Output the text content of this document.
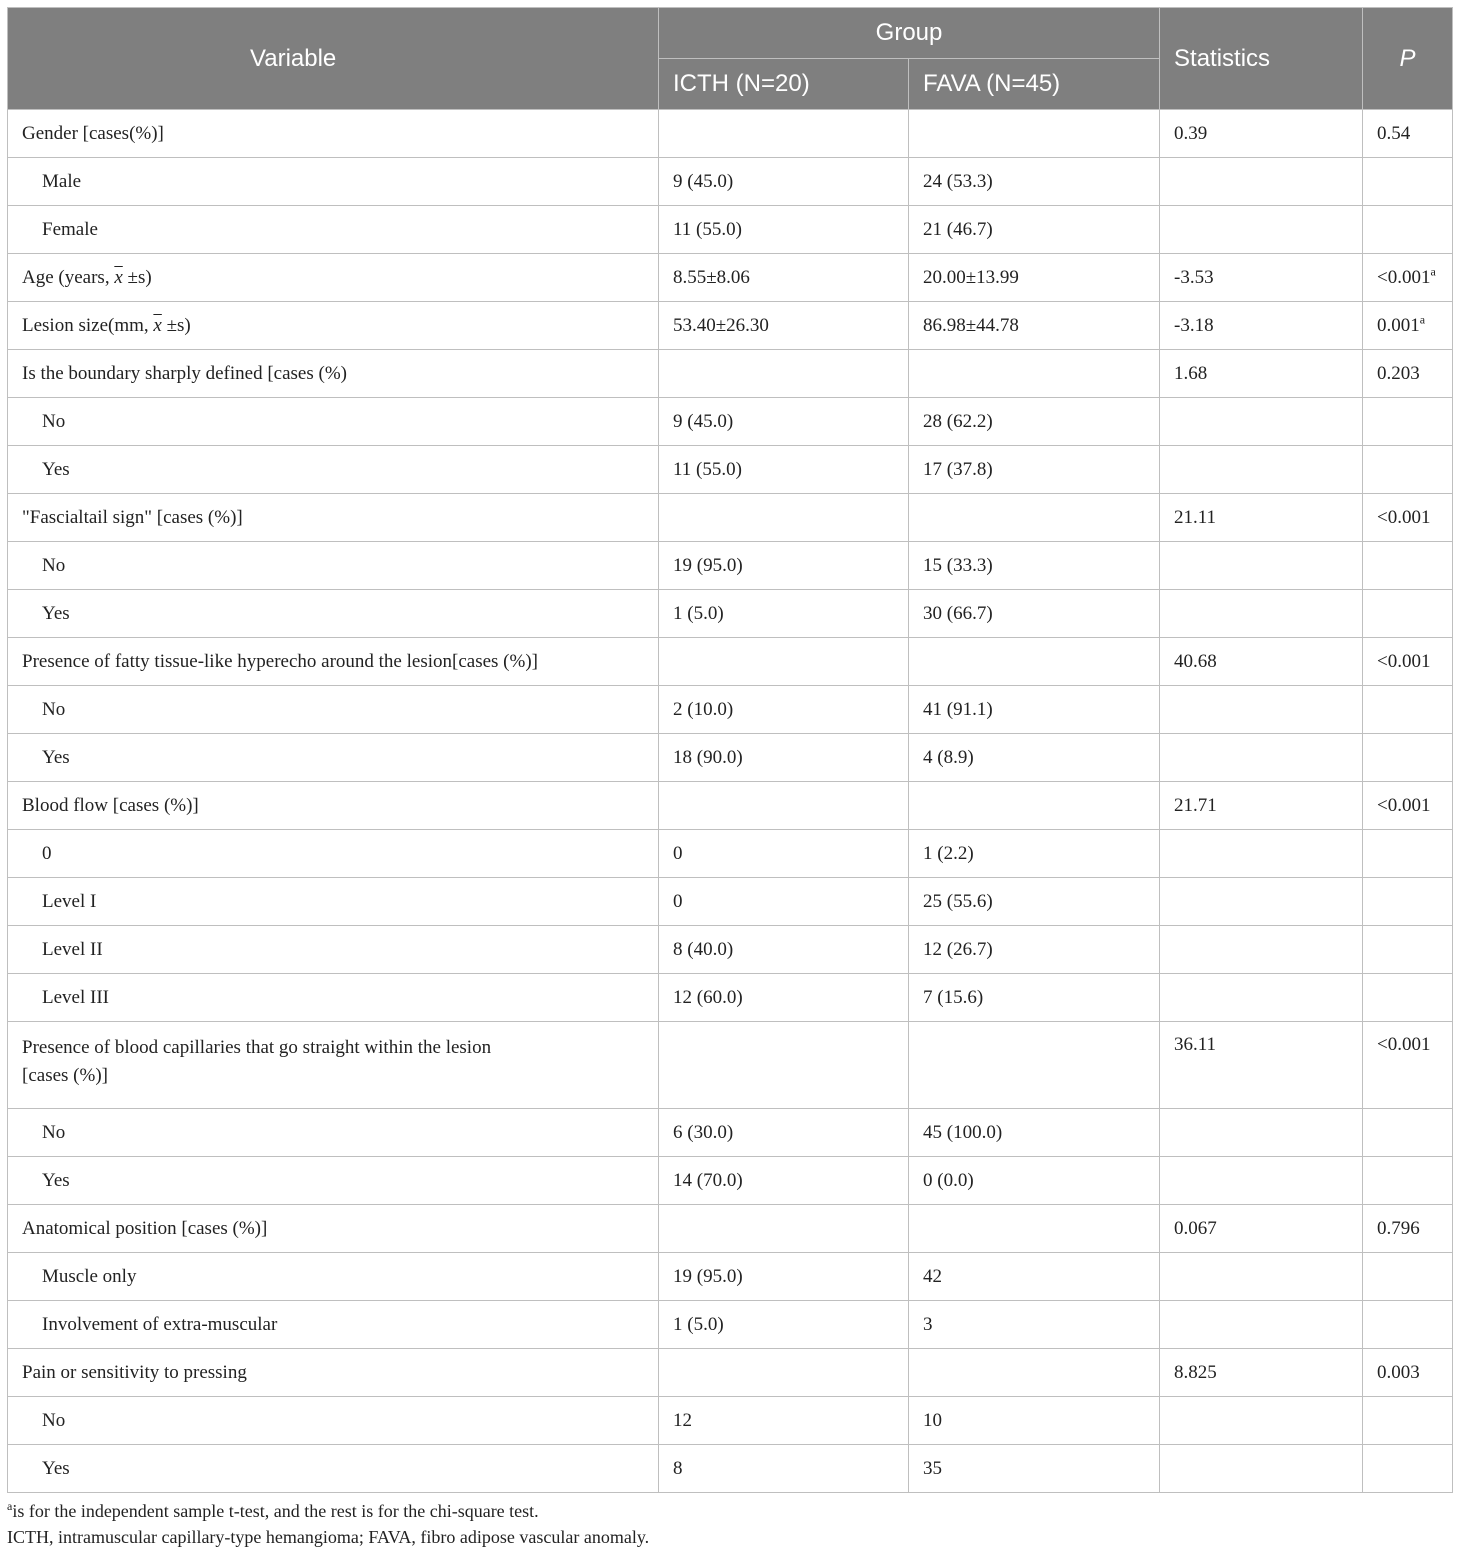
Variable	Group		Statistics	P
	ICTH (N=20)	FAVA (N=45)		
Gender [cases(%)]			0.39	0.54
Male	9 (45.0)	24 (53.3)		
Female	11 (55.0)	21 (46.7)		
Age (years, $\overline{x} \pm s$)	8.55±8.06	20.00±13.99	-3.53	<0.001$^a$
Lesion size(mm, $\overline{x} \pm s$)	53.40±26.30	86.98±44.78	-3.18	0.001$^a$
Is the boundary sharply defined [cases (%)			1.68	0.203
No	9 (45.0)	28 (62.2)		
Yes	11 (55.0)	17 (37.8)		
"Fascialtail sign" [cases (%)]			21.11	<0.001
No	19 (95.0)	15 (33.3)		
Yes	1 (5.0)	30 (66.7)		
Presence of fatty tissue-like hyperecho around the lesion[cases (%)]			40.68	<0.001
No	2 (10.0)	41 (91.1)		
Yes	18 (90.0)	4 (8.9)		
Blood flow [cases (%)]			21.71	<0.001
0	0	1 (2.2)		
Level I	0	25 (55.6)		
Level II	8 (40.0)	12 (26.7)		
Level III	12 (60.0)	7 (15.6)		
Presence of blood capillaries that go straight within the lesion
[cases (%)]			36.11	<0.001
No	6 (30.0)	45 (100.0)		
Yes	14 (70.0)	0 (0.0)		
Anatomical position [cases (%)]			0.067	0.796
Muscle only	19 (95.0)	42		
Involvement of extra-muscular	1 (5.0)	3		
Pain or sensitivity to pressing			8.825	0.003
No	12	10		
Yes	8	35		
$^a$is for the independent sample t-test, and the rest is for the chi-square test.
ICTH, intramuscular capillary-type hemangioma; FAVA, fibro adipose vascular anomaly.
